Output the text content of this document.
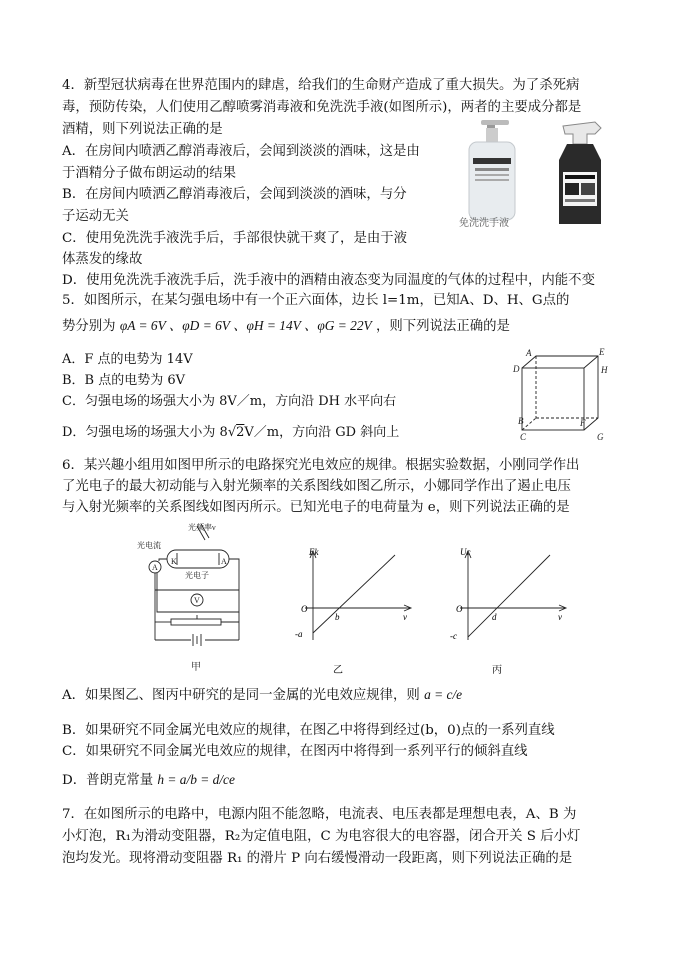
4．新型冠状病毒在世界范围内的肆虐，给我们的生命财产造成了重大损失。为了杀死病
毒，预防传染，人们使用乙醇喷雾消毒液和免洗洗手液(如图所示)，两者的主要成分都是
酒精，则下列说法正确的是
A．在房间内喷洒乙醇消毒液后，会闻到淡淡的酒味，这是由
于酒精分子做布朗运动的结果
B．在房间内喷洒乙醇消毒液后，会闻到淡淡的酒味，与分
子运动无关
C．使用免洗洗手液洗手后，手部很快就干爽了，是由于液
体蒸发的缘故
D．使用免洗洗手液洗手后，洗手液中的酒精由液态变为同温度的气体的过程中，内能不变
免洗洗手液
5．如图所示，在某匀强电场中有一个正六面体，边长 l=1m，已知A、D、H、G点的
势分别为 φA = 6V 、φD = 6V 、φH = 14V 、φG = 22V ，则下列说法正确的是
A．F 点的电势为 14V
B．B 点的电势为 6V
C．匀强电场的场强大小为 8V／m，方向沿 DH 水平向右
D．匀强电场的场强大小为 8√2V／m，方向沿 GD 斜向上
A	E
D	H
B	F
C	G
6．某兴趣小组用如图甲所示的电路探究光电效应的规律。根据实验数据，小刚同学作出
了光电子的最大初动能与入射光频率的关系图线如图乙所示，小娜同学作出了遏止电压
与入射光频率的关系图线如图丙所示。已知光电子的电荷量为 e，则下列说法正确的是
光频率ν
光电流
K	A
光电子
A
V
甲
Ek
O
b	ν
-a
乙
Uc
O
d	ν
-c
丙
A．如果图乙、图丙中研究的是同一金属的光电效应规律，则 a = c/e
B．如果研究不同金属光电效应的规律，在图乙中将得到经过(b，0)点的一系列直线
C．如果研究不同金属光电效应的规律，在图丙中将得到一系列平行的倾斜直线
D．普朗克常量 h = a/b = d/ce
7．在如图所示的电路中，电源内阻不能忽略，电流表、电压表都是理想电表，A、B 为
小灯泡，R₁为滑动变阻器，R₂为定值电阻，C 为电容很大的电容器，闭合开关 S 后小灯
泡均发光。现将滑动变阻器 R₁ 的滑片 P 向右缓慢滑动一段距离，则下列说法正确的是
